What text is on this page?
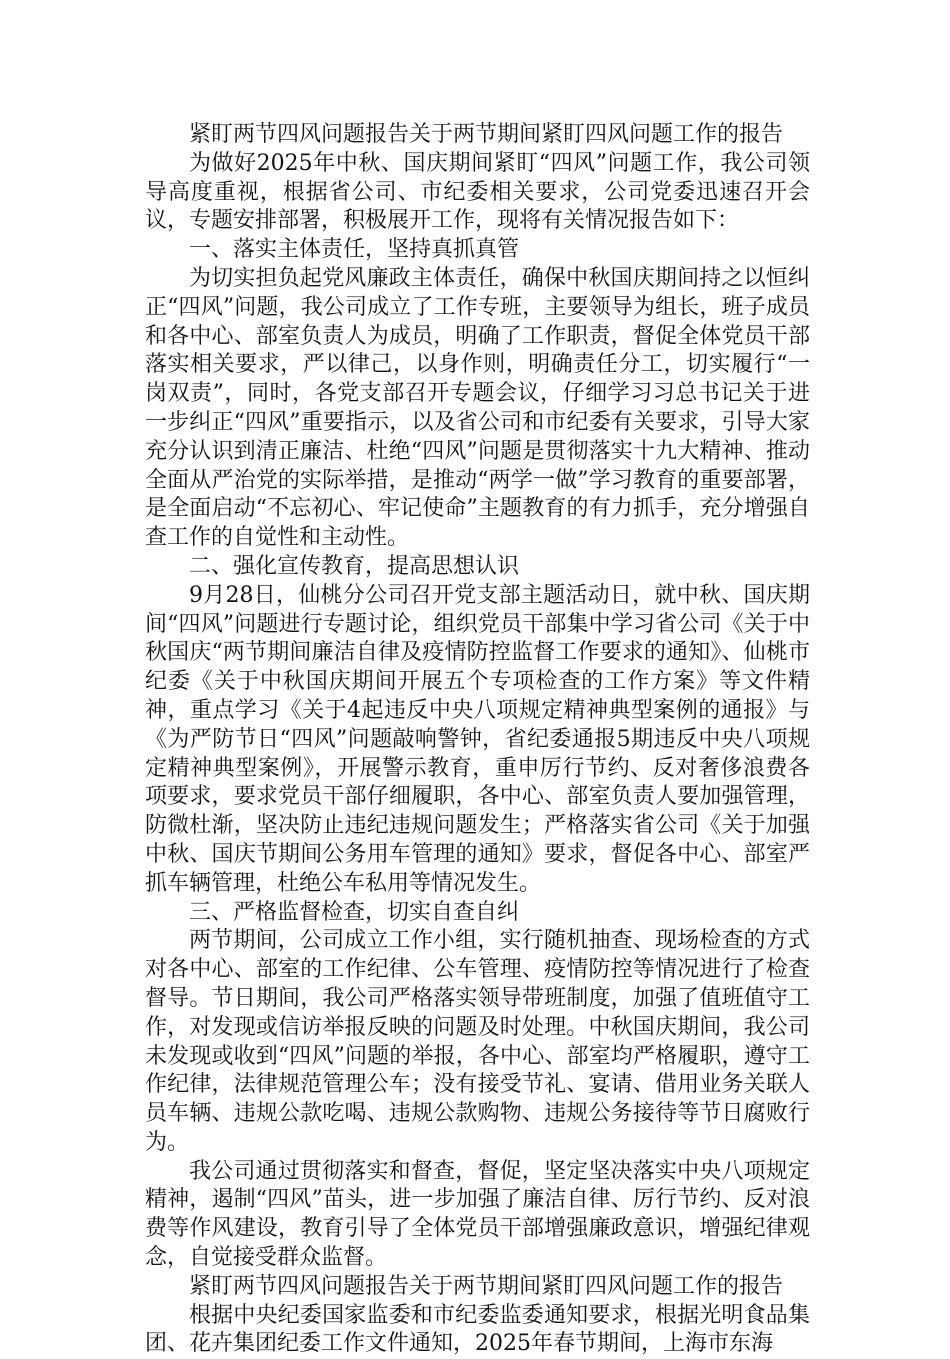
紧盯两节四风问题报告关于两节期间紧盯四风问题工作的报告

为做好2025年中秋、国庆期间紧盯“四风”问题工作，我公司领导高度重视，根据省公司、市纪委相关要求，公司党委迅速召开会议，专题安排部署，积极展开工作，现将有关情况报告如下：

一、落实主体责任，坚持真抓真管

为切实担负起党风廉政主体责任，确保中秋国庆期间持之以恒纠正“四风”问题，我公司成立了工作专班，主要领导为组长，班子成员和各中心、部室负责人为成员，明确了工作职责，督促全体党员干部落实相关要求，严以律己，以身作则，明确责任分工，切实履行“一岗双责”，同时，各党支部召开专题会议，仔细学习习总书记关于进一步纠正“四风”重要指示，以及省公司和市纪委有关要求，引导大家充分认识到清正廉洁、杜绝“四风”问题是贯彻落实十九大精神、推动全面从严治党的实际举措，是推动“两学一做”学习教育的重要部署，是全面启动“不忘初心、牢记使命”主题教育的有力抓手，充分增强自查工作的自觉性和主动性。

二、强化宣传教育，提高思想认识

9月28日，仙桃分公司召开党支部主题活动日，就中秋、国庆期间“四风”问题进行专题讨论，组织党员干部集中学习省公司《关于中秋国庆“两节期间廉洁自律及疫情防控监督工作要求的通知》、仙桃市纪委《关于中秋国庆期间开展五个专项检查的工作方案》等文件精神，重点学习《关于4起违反中央八项规定精神典型案例的通报》与《为严防节日“四风”问题敲响警钟，省纪委通报5期违反中央八项规定精神典型案例》，开展警示教育，重申厉行节约、反对奢侈浪费各项要求，要求党员干部仔细履职，各中心、部室负责人要加强管理，防微杜渐，坚决防止违纪违规问题发生；严格落实省公司《关于加强中秋、国庆节期间公务用车管理的通知》要求，督促各中心、部室严抓车辆管理，杜绝公车私用等情况发生。

三、严格监督检查，切实自查自纠

两节期间，公司成立工作小组，实行随机抽查、现场检查的方式对各中心、部室的工作纪律、公车管理、疫情防控等情况进行了检查督导。节日期间，我公司严格落实领导带班制度，加强了值班值守工作，对发现或信访举报反映的问题及时处理。中秋国庆期间，我公司未发现或收到“四风”问题的举报，各中心、部室均严格履职，遵守工作纪律，法律规范管理公车；没有接受节礼、宴请、借用业务关联人员车辆、违规公款吃喝、违规公款购物、违规公务接待等节日腐败行为。

我公司通过贯彻落实和督查，督促，坚定坚决落实中央八项规定精神，遏制“四风”苗头，进一步加强了廉洁自律、厉行节约、反对浪费等作风建设，教育引导了全体党员干部增强廉政意识，增强纪律观念，自觉接受群众监督。

紧盯两节四风问题报告关于两节期间紧盯四风问题工作的报告

根据中央纪委国家监委和市纪委监委通知要求，根据光明食品集团、花卉集团纪委工作文件通知，2025年春节期间，上海市东海
